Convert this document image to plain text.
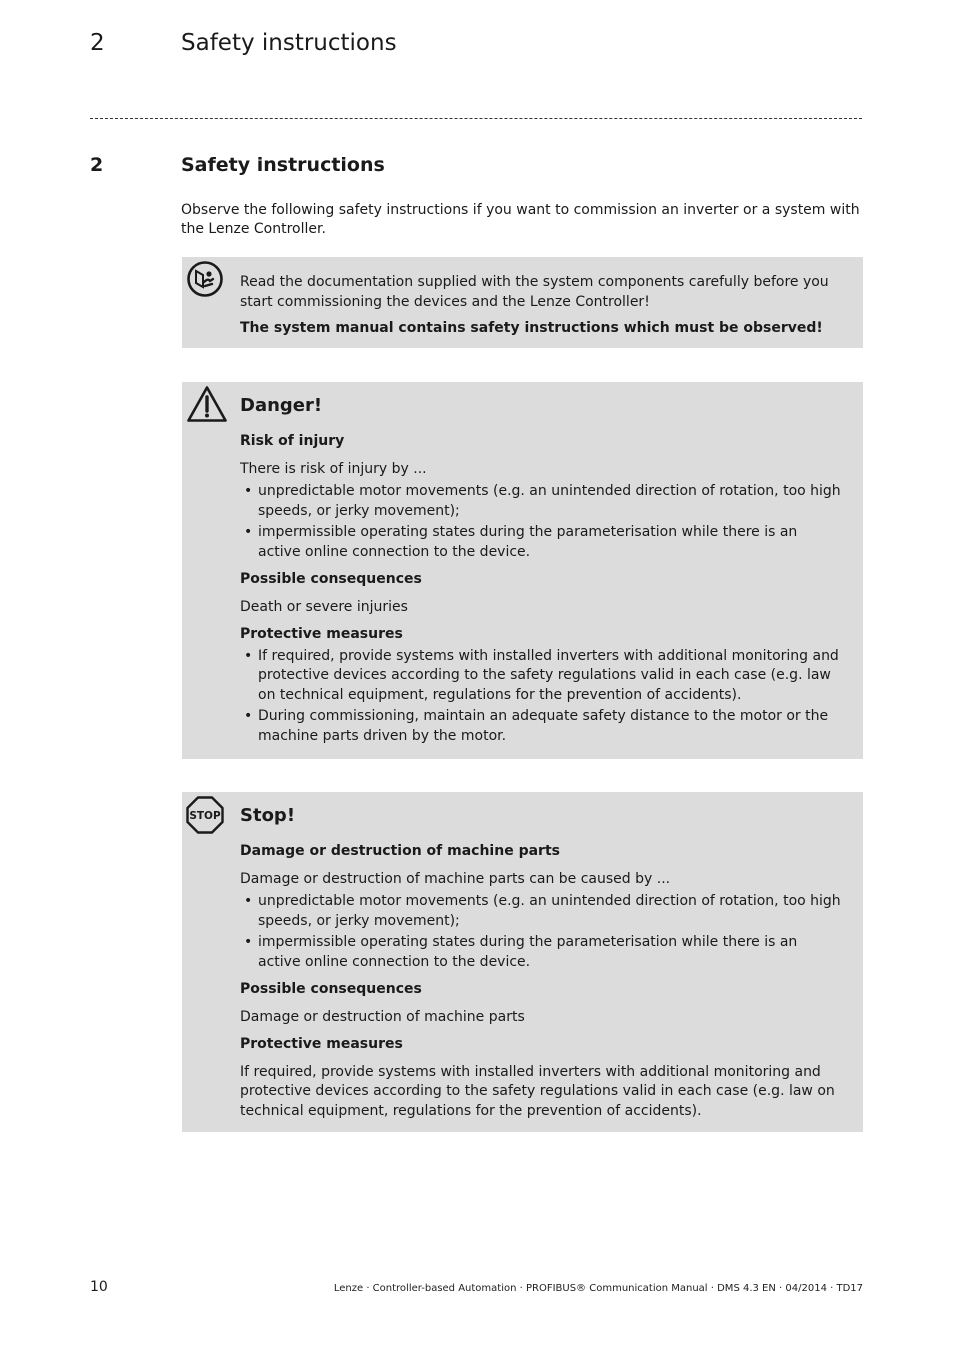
2	Safety instructions
2	Safety instructions

Observe the following safety instructions if you want to commission an inverter or a system with the Lenze Controller.

Read the documentation supplied with the system components carefully before you start commissioning the devices and the Lenze Controller!

The system manual contains safety instructions which must be observed!

Danger!

Risk of injury

There is risk of injury by ...

• unpredictable motor movements (e.g. an unintended direction of rotation, too high speeds, or jerky movement);
• impermissible operating states during the parameterisation while there is an active online connection to the device.

Possible consequences

Death or severe injuries

Protective measures

• If required, provide systems with installed inverters with additional monitoring and protective devices according to the safety regulations valid in each case (e.g. law on technical equipment, regulations for the prevention of accidents).
• During commissioning, maintain an adequate safety distance to the motor or the machine parts driven by the motor.
STOP Stop!

Damage or destruction of machine parts

Damage or destruction of machine parts can be caused by ...

• unpredictable motor movements (e.g. an unintended direction of rotation, too high speeds, or jerky movement);
• impermissible operating states during the parameterisation while there is an active online connection to the device.

Possible consequences

Damage or destruction of machine parts

Protective measures

If required, provide systems with installed inverters with additional monitoring and protective devices according to the safety regulations valid in each case (e.g. law on technical equipment, regulations for the prevention of accidents).

10	Lenze · Controller-based Automation · PROFIBUS® Communication Manual · DMS 4.3 EN · 04/2014 · TD17
